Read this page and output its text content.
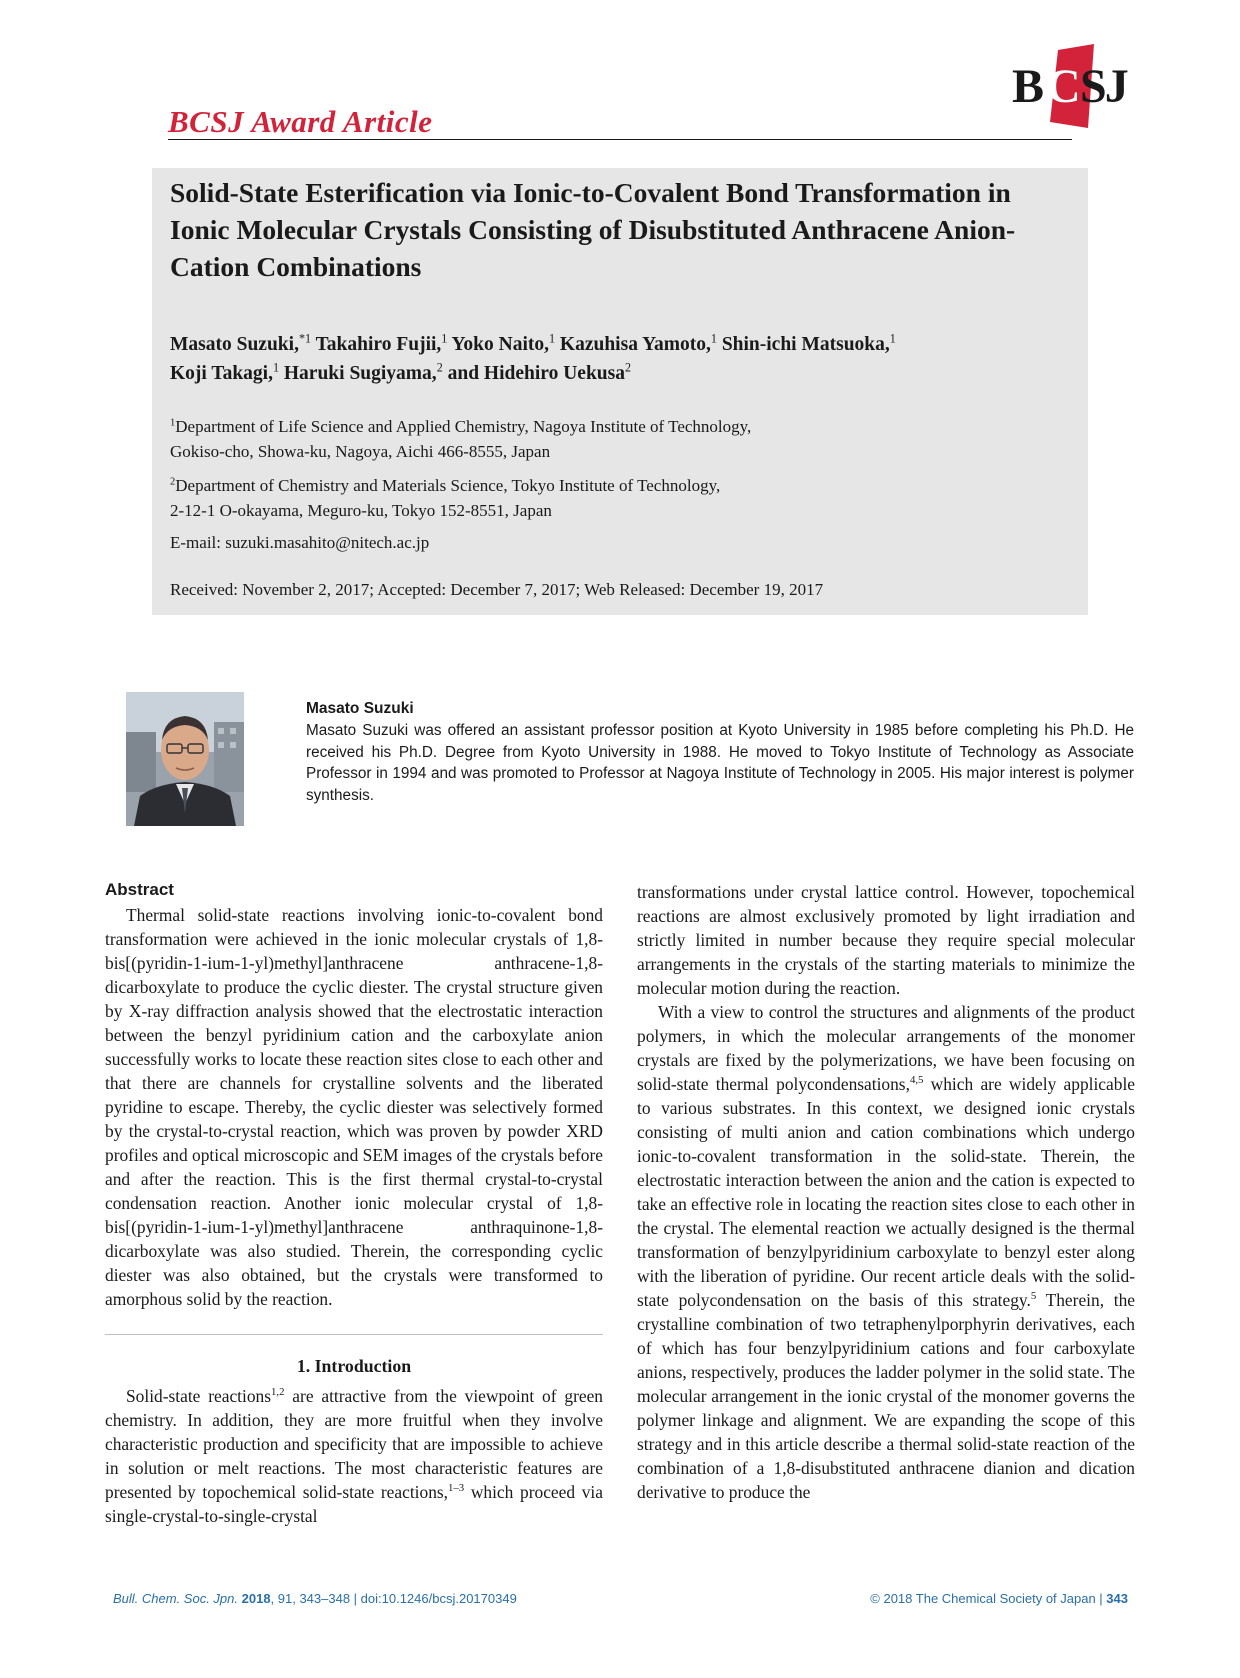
B C SJ
BCSJ Award Article
Solid-State Esterification via Ionic-to-Covalent Bond Transformation in Ionic Molecular Crystals Consisting of Disubstituted Anthracene Anion-Cation Combinations
Masato Suzuki,$^{*1}$ Takahiro Fujii,$^1$ Yoko Naito,$^1$ Kazuhisa Yamoto,$^1$ Shin-ichi Matsuoka,$^1$
Koji Takagi,$^1$ Haruki Sugiyama,$^2$ and Hidehiro Uekusa$^2$
$^1$Department of Life Science and Applied Chemistry, Nagoya Institute of Technology,
Gokiso-cho, Showa-ku, Nagoya, Aichi 466-8555, Japan
$^2$Department of Chemistry and Materials Science, Tokyo Institute of Technology,
2-12-1 O-okayama, Meguro-ku, Tokyo 152-8551, Japan
E-mail: suzuki.masahito@nitech.ac.jp
Received: November 2, 2017; Accepted: December 7, 2017; Web Released: December 19, 2017
Masato Suzuki
Masato Suzuki was offered an assistant professor position at Kyoto University in 1985 before completing his Ph.D. He received his Ph.D. Degree from Kyoto University in 1988. He moved to Tokyo Institute of Technology as Associate Professor in 1994 and was promoted to Professor at Nagoya Institute of Technology in 2005. His major interest is polymer synthesis.
Abstract

Thermal solid-state reactions involving ionic-to-covalent bond transformation were achieved in the ionic molecular crystals of 1,8-bis[(pyridin-1-ium-1-yl)methyl]anthracene anthracene-1,8-dicarboxylate to produce the cyclic diester. The crystal structure given by X-ray diffraction analysis showed that the electrostatic interaction between the benzyl pyridinium cation and the carboxylate anion successfully works to locate these reaction sites close to each other and that there are channels for crystalline solvents and the liberated pyridine to escape. Thereby, the cyclic diester was selectively formed by the crystal-to-crystal reaction, which was proven by powder XRD profiles and optical microscopic and SEM images of the crystals before and after the reaction. This is the first thermal crystal-to-crystal condensation reaction. Another ionic molecular crystal of 1,8-bis[(pyridin-1-ium-1-yl)methyl]anthracene anthraquinone-1,8-dicarboxylate was also studied. Therein, the corresponding cyclic diester was also obtained, but the crystals were transformed to amorphous solid by the reaction.

1. Introduction

Solid-state reactions$^{1,2}$ are attractive from the viewpoint of green chemistry. In addition, they are more fruitful when they involve characteristic production and specificity that are impossible to achieve in solution or melt reactions. The most characteristic features are presented by topochemical solid-state reactions,$^{1-3}$ which proceed via single-crystal-to-single-crystal

transformations under crystal lattice control. However, topochemical reactions are almost exclusively promoted by light irradiation and strictly limited in number because they require special molecular arrangements in the crystals of the starting materials to minimize the molecular motion during the reaction.

With a view to control the structures and alignments of the product polymers, in which the molecular arrangements of the monomer crystals are fixed by the polymerizations, we have been focusing on solid-state thermal polycondensations,$^{4,5}$ which are widely applicable to various substrates. In this context, we designed ionic crystals consisting of multi anion and cation combinations which undergo ionic-to-covalent transformation in the solid-state. Therein, the electrostatic interaction between the anion and the cation is expected to take an effective role in locating the reaction sites close to each other in the crystal. The elemental reaction we actually designed is the thermal transformation of benzylpyridinium carboxylate to benzyl ester along with the liberation of pyridine. Our recent article deals with the solid-state polycondensation on the basis of this strategy.$^5$ Therein, the crystalline combination of two tetraphenylporphyrin derivatives, each of which has four benzylpyridinium cations and four carboxylate anions, respectively, produces the ladder polymer in the solid state. The molecular arrangement in the ionic crystal of the monomer governs the polymer linkage and alignment. We are expanding the scope of this strategy and in this article describe a thermal solid-state reaction of the combination of a 1,8-disubstituted anthracene dianion and dication derivative to produce the

Bull. Chem. Soc. Jpn. 2018, 91, 343–348 | doi:10.1246/bcsj.20170349	© 2018 The Chemical Society of Japan | 343
